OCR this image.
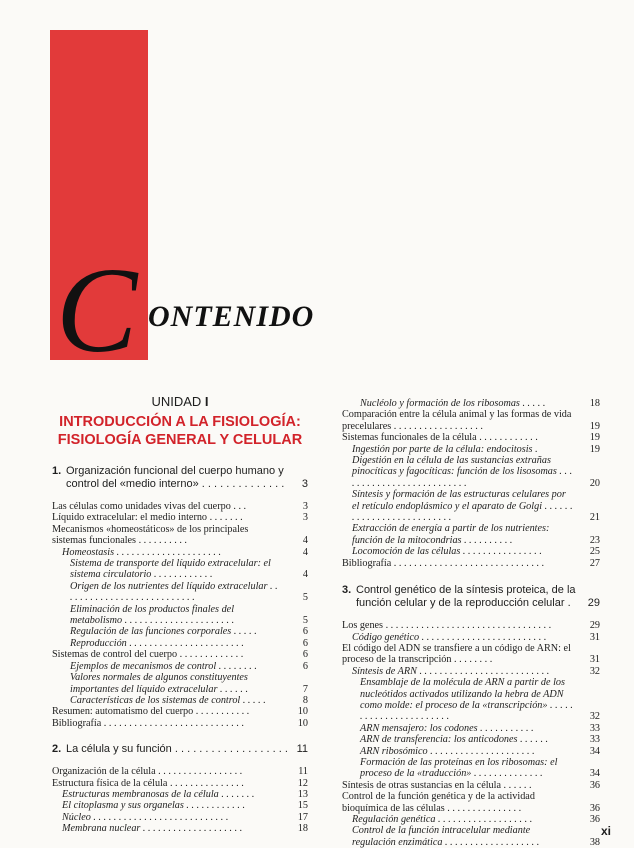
C ONTENIDO
UNIDAD I
INTRODUCCIÓN A LA FISIOLOGÍA:
FISIOLOGÍA GENERAL Y CELULAR
1. Organización funcional del cuerpo humano y control del «medio interno» . . . . . . . . . . . . . . 3
Las células como unidades vivas del cuerpo . . .	3
Líquido extracelular: el medio interno . . . . . . .	3
Mecanismos «homeostáticos» de los principales sistemas funcionales . . . . . . . . . .	4
Homeostasis . . . . . . . . . . . . . . . . . . . . .	4
Sistema de transporte del líquido extracelular: el sistema circulatorio . . . . . . . . . . . .	4
Origen de los nutrientes del líquido extracelular . . . . . . . . . . . . . . . . . . . . . . . . . . .	5
Eliminación de los productos finales del metabolismo . . . . . . . . . . . . . . . . . . . . . .	5
Regulación de las funciones corporales . . . . .	6
Reproducción . . . . . . . . . . . . . . . . . . . . . . .	6
Sistemas de control del cuerpo . . . . . . . . . . . . .	6
Ejemplos de mecanismos de control . . . . . . . .	6
Valores normales de algunos constituyentes importantes del líquido extracelular . . . . . .	7
Características de los sistemas de control . . . . .	8
Resumen: automatismo del cuerpo . . . . . . . . . . .	10
Bibliografía . . . . . . . . . . . . . . . . . . . . . . . . . . . .	10
2. La célula y su función . . . . . . . . . . . . . . . . . . . 11
Organización de la célula . . . . . . . . . . . . . . . . .	11
Estructura física de la célula . . . . . . . . . . . . . . .	12
Estructuras membranosas de la célula . . . . . . .	13
El citoplasma y sus organelas . . . . . . . . . . . .	15
Núcleo . . . . . . . . . . . . . . . . . . . . . . . . . . .	17
Membrana nuclear . . . . . . . . . . . . . . . . . . . .	18
Nucléolo y formación de los ribosomas . . . . .	18
Comparación entre la célula animal y las formas de vida precelulares . . . . . . . . . . . . . . . . . .	19
Sistemas funcionales de la célula . . . . . . . . . . . .	19
Ingestión por parte de la célula: endocitosis .	19
Digestión en la célula de las sustancias extrañas pinocíticas y fagocíticas: función de los lisosomas . . . . . . . . . . . . . . . . . . . . . . . . . .	20
Síntesis y formación de las estructuras celulares por el retículo endoplásmico y el aparato de Golgi . . . . . . . . . . . . . . . . . . . . . . . . . .	21
Extracción de energía a partir de los nutrientes: función de la mitocondrias . . . . . . . . . .	23
Locomoción de las células . . . . . . . . . . . . . . . .	25
Bibliografía . . . . . . . . . . . . . . . . . . . . . . . . . . . . . .	27
3. Control genético de la síntesis proteica, de la función celular y de la reproducción celular . 29
Los genes . . . . . . . . . . . . . . . . . . . . . . . . . . . . . . . . .	29
Código genético . . . . . . . . . . . . . . . . . . . . . . . . .	31
El código del ADN se transfiere a un código de ARN: el proceso de la transcripción . . . . . . . .	31
Síntesis de ARN . . . . . . . . . . . . . . . . . . . . . . . . . .	32
Ensamblaje de la molécula de ARN a partir de los nucleótidos activados utilizando la hebra de ADN como molde: el proceso de la «transcripción» . . . . . . . . . . . . . . . . . . . . . . .	32
ARN mensajero: los codones . . . . . . . . . . .	33
ARN de transferencia: los anticodones . . . . . .	33
ARN ribosómico . . . . . . . . . . . . . . . . . . . . .	34
Formación de las proteínas en los ribosomas: el proceso de la «traducción» . . . . . . . . . . . . . .	34
Síntesis de otras sustancias en la célula . . . . . .	36
Control de la función genética y de la actividad bioquímica de las células . . . . . . . . . . . . . . .	36
Regulación genética . . . . . . . . . . . . . . . . . . .	36
Control de la función intracelular mediante regulación enzimática . . . . . . . . . . . . . . . . . . .	38
xi
